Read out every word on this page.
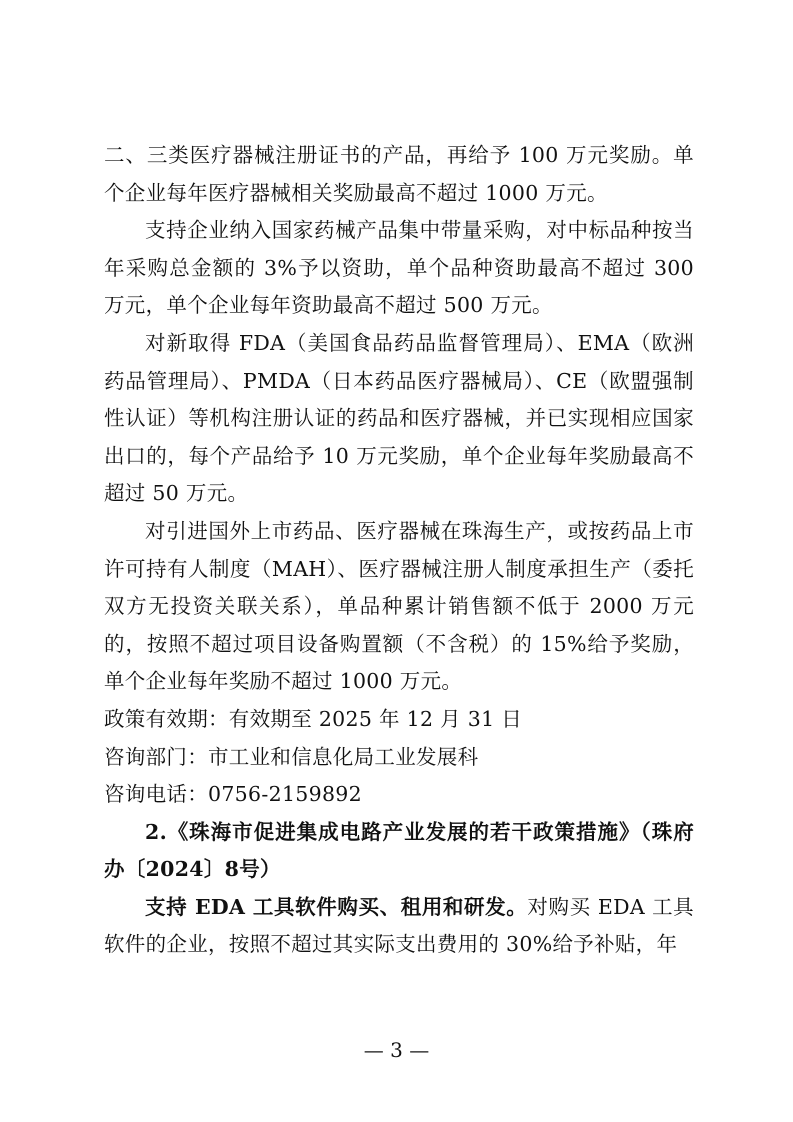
二、三类医疗器械注册证书的产品，再给予 100 万元奖励。单个企业每年医疗器械相关奖励最高不超过 1000 万元。

支持企业纳入国家药械产品集中带量采购，对中标品种按当年采购总金额的 3%予以资助，单个品种资助最高不超过 300 万元，单个企业每年资助最高不超过 500 万元。

对新取得 FDA（美国食品药品监督管理局）、EMA（欧洲药品管理局）、PMDA（日本药品医疗器械局）、CE（欧盟强制性认证）等机构注册认证的药品和医疗器械，并已实现相应国家出口的，每个产品给予 10 万元奖励，单个企业每年奖励最高不超过 50 万元。

对引进国外上市药品、医疗器械在珠海生产，或按药品上市许可持有人制度（MAH）、医疗器械注册人制度承担生产（委托双方无投资关联关系），单品种累计销售额不低于 2000 万元的，按照不超过项目设备购置额（不含税）的 15%给予奖励，单个企业每年奖励不超过 1000 万元。

政策有效期：有效期至 2025 年 12 月 31 日

咨询部门：市工业和信息化局工业发展科

咨询电话：0756-2159892

2.《珠海市促进集成电路产业发展的若干政策措施》（珠府办〔2024〕8号）

支持 EDA 工具软件购买、租用和研发。对购买 EDA 工具软件的企业，按照不超过其实际支出费用的 30%给予补贴，年

— 3 —
